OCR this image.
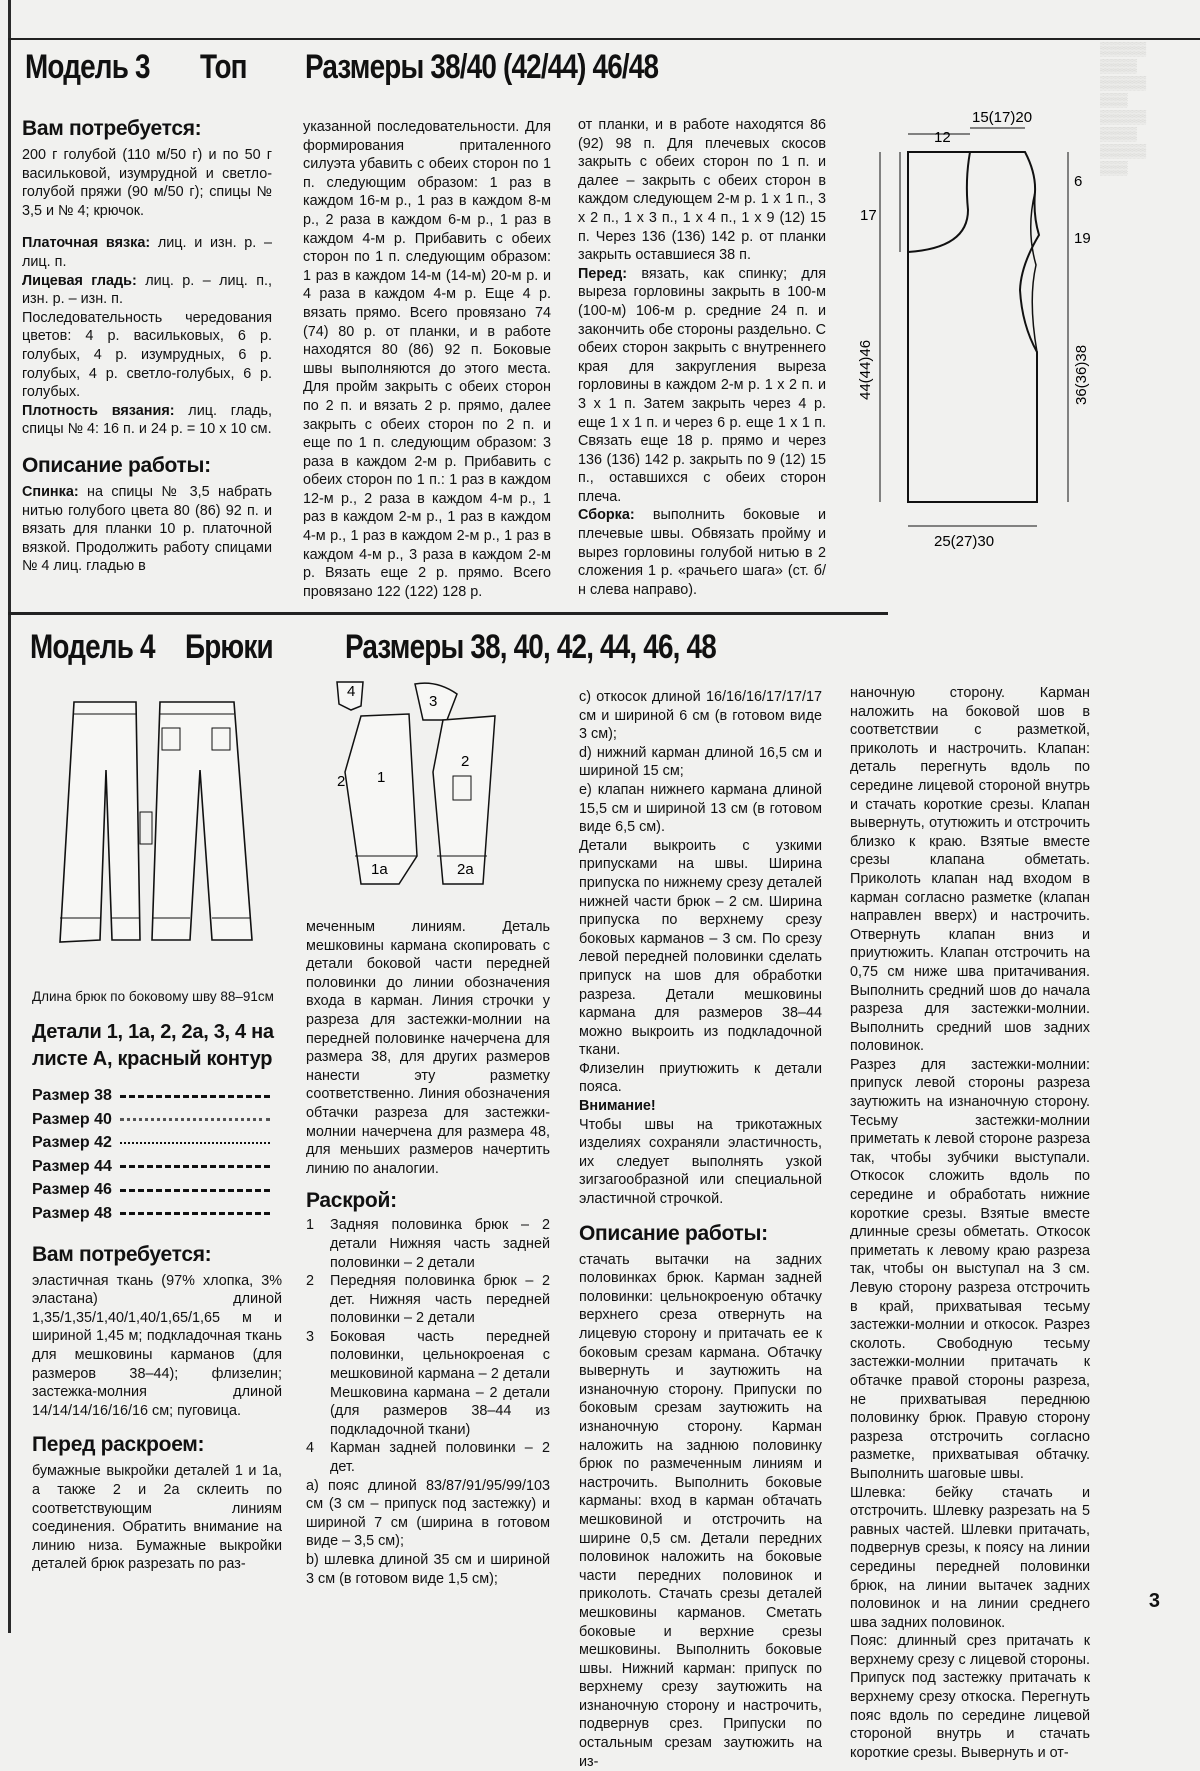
Модель 3 Топ Размеры 38/40 (42/44) 46/48
Вам потребуется:

200 г голубой (110 м/50 г) и по 50 г васильковой, изумрудной и светло-голубой пряжи (90 м/50 г); спицы № 3,5 и № 4; крючок.

Платочная вязка: лиц. и изн. р. – лиц. п.

Лицевая гладь: лиц. р. – лиц. п., изн. р. – изн. п.

Последовательность чередования цветов: 4 р. васильковых, 6 р. голубых, 4 р. изумрудных, 6 р. голубых, 4 р. светло-голубых, 6 р. голубых.

Плотность вязания: лиц. гладь, спицы № 4: 16 п. и 24 р. = 10 x 10 см.

Описание работы:

Спинка: на спицы № 3,5 набрать нитью голубого цвета 80 (86) 92 п. и вязать для планки 10 р. платочной вязкой. Продолжить работу спицами № 4 лиц. гладью в

указанной последовательности. Для формирования приталенного силуэта убавить с обеих сторон по 1 п. следующим образом: 1 раз в каждом 16-м р., 1 раз в каждом 8-м р., 2 раза в каждом 6-м р., 1 раз в каждом 4-м р. Прибавить с обеих сторон по 1 п. следующим образом: 1 раз в каждом 14-м (14-м) 20-м р. и 4 раза в каждом 4-м р. Еще 4 р. вязать прямо. Всего провязано 74 (74) 80 р. от планки, и в работе находятся 80 (86) 92 п. Боковые швы выполняются до этого места. Для пройм закрыть с обеих сторон по 2 п. и вязать 2 р. прямо, далее закрыть с обеих сторон по 2 п. и еще по 1 п. следующим образом: 3 раза в каждом 2-м р. Прибавить с обеих сторон по 1 п.: 1 раз в каждом 12-м р., 2 раза в каждом 4-м р., 1 раз в каждом 2-м р., 1 раз в каждом 4-м р., 1 раз в каждом 2-м р., 1 раз в каждом 4-м р., 3 раза в каждом 2-м р. Вязать еще 2 р. прямо. Всего провязано 122 (122) 128 р.

от планки, и в работе находятся 86 (92) 98 п. Для плечевых скосов закрыть с обеих сторон по 1 п. и далее – закрыть с обеих сторон в каждом следующем 2-м р. 1 x 1 п., 3 x 2 п., 1 x 3 п., 1 x 4 п., 1 x 9 (12) 15 п. Через 136 (136) 142 р. от планки закрыть оставшиеся 38 п.

Перед: вязать, как спинку; для выреза горловины закрыть в 100-м (100-м) 106-м р. средние 24 п. и закончить обе стороны раздельно. С обеих сторон закрыть с внутреннего края для закругления выреза горловины в каждом 2-м р. 1 x 2 п. и 3 x 1 п. Затем закрыть через 4 р. еще 1 x 1 п. и через 6 р. еще 1 x 1 п. Связать еще 18 р. прямо и через 136 (136) 142 р. закрыть по 9 (12) 15 п., оставшихся с обеих сторон плеча.

Сборка: выполнить боковые и плечевые швы. Обвязать пройму и вырез горловины голубой нитью в 2 сложения 1 р. «рачьего шага» (ст. б/н слева направо).

15(17)20
12
6
17
19
44(44)46	36(36)38
25(27)30
▒▒▒▒▒
▒▒▒▒
▒▒▒▒▒
▒▒▒
▒▒▒▒▒
▒▒▒▒
▒▒▒▒▒
▒▒▒
Модель 4 Брюки Размеры 38, 40, 42, 44, 46, 48
4
3
1
1a
2
2a
2

Длина брюк по боковому шву 88–91см

Детали 1, 1а, 2, 2а, 3, 4 на листе А, красный контур
Размер 38
Размер 40
Размер 42
Размер 44
Размер 46
Размер 48
Вам потребуется:

эластичная ткань (97% хлопка, 3% эластана) длиной 1,35/1,35/1,40/1,40/1,65/1,65 м и шириной 1,45 м; подкладочная ткань для мешковины карманов (для размеров 38–44); флизелин; застежка-молния длиной 14/14/14/16/16/16 см; пуговица.

Перед раскроем:

бумажные выкройки деталей 1 и 1а, а также 2 и 2а склеить по соответствующим линиям соединения. Обратить внимание на линию низа. Бумажные выкройки деталей брюк разрезать по раз-

меченным линиям. Деталь мешковины кармана скопировать с детали боковой части передней половинки до линии обозначения входа в карман. Линия строчки у разреза для застежки-молнии на передней половинке начерчена для размера 38, для других размеров нанести эту разметку соответственно. Линия обозначения обтачки разреза для застежки-молнии начерчена для размера 48, для меньших размеров начертить линию по аналогии.

Раскрой:
1	Задняя половинка брюк – 2 детали Нижняя часть задней половинки – 2 детали

2	Передняя половинка брюк – 2 дет. Нижняя часть передней половинки – 2 детали

3	Боковая часть передней половинки, цельнокроеная с мешковиной кармана – 2 детали Мешковина кармана – 2 детали (для размеров 38–44 из подкладочной ткани)

4	Карман задней половинки – 2 дет.

а) пояс длиной 83/87/91/95/99/103 см (3 см – припуск под застежку) и шириной 7 см (ширина в готовом виде – 3,5 см);

b) шлевка длиной 35 см и шириной 3 см (в готовом виде 1,5 см);

с) откосок длиной 16/16/16/17/17/17 см и шириной 6 см (в готовом виде 3 см);

d) нижний карман длиной 16,5 см и шириной 15 см;

е) клапан нижнего кармана длиной 15,5 см и шириной 13 см (в готовом виде 6,5 см).

Детали выкроить с узкими припусками на швы. Ширина припуска по нижнему срезу деталей нижней части брюк – 2 см. Ширина припуска по верхнему срезу боковых карманов – 3 см. По срезу левой передней половинки сделать припуск на шов для обработки разреза. Детали мешковины кармана для размеров 38–44 можно выкроить из подкладочной ткани.

Флизелин приутюжить к детали пояса.

Внимание!

Чтобы швы на трикотажных изделиях сохраняли эластичность, их следует выполнять узкой зигзагообразной или специальной эластичной строчкой.

Описание работы:

стачать вытачки на задних половинках брюк. Карман задней половинки: цельнокроеную обтачку верхнего среза отвернуть на лицевую сторону и притачать ее к боковым срезам кармана. Обтачку вывернуть и заутюжить на изнаночную сторону. Припуски по боковым срезам заутюжить на изнаночную сторону. Карман наложить на заднюю половинку брюк по размеченным линиям и настрочить. Выполнить боковые карманы: вход в карман обтачать мешковиной и отстрочить на ширине 0,5 см. Детали передних половинок наложить на боковые части передних половинок и приколоть. Стачать срезы деталей мешковины карманов. Сметать боковые и верхние срезы мешковины. Выполнить боковые швы. Нижний карман: припуск по верхнему срезу заутюжить на изнаночную сторону и настрочить, подвернув срез. Припуски по остальным срезам заутюжить на из-

наночную сторону. Карман наложить на боковой шов в соответствии с разметкой, приколоть и настрочить. Клапан: деталь перегнуть вдоль по середине лицевой стороной внутрь и стачать короткие срезы. Клапан вывернуть, отутюжить и отстрочить близко к краю. Взятые вместе срезы клапана обметать. Приколоть клапан над входом в карман согласно разметке (клапан направлен вверх) и настрочить. Отвернуть клапан вниз и приутюжить. Клапан отстрочить на 0,75 см ниже шва притачивания. Выполнить средний шов до начала разреза для застежки-молнии. Выполнить средний шов задних половинок.

Разрез для застежки-молнии: припуск левой стороны разреза заутюжить на изнаночную сторону. Тесьму застежки-молнии приметать к левой стороне разреза так, чтобы зубчики выступали. Откосок сложить вдоль по середине и обработать нижние короткие срезы. Взятые вместе длинные срезы обметать. Откосок приметать к левому краю разреза так, чтобы он выступал на 3 см. Левую сторону разреза отстрочить в край, прихватывая тесьму застежки-молнии и откосок. Разрез сколоть. Свободную тесьму застежки-молнии притачать к обтачке правой стороны разреза, не прихватывая переднюю половинку брюк. Правую сторону разреза отстрочить согласно разметке, прихватывая обтачку. Выполнить шаговые швы.

Шлевка: бейку стачать и отстрочить. Шлевку разрезать на 5 равных частей. Шлевки притачать, подвернув срезы, к поясу на линии середины передней половинки брюк, на линии вытачек задних половинок и на линии среднего шва задних половинок.

Пояс: длинный срез притачать к верхнему срезу с лицевой стороны. Припуск под застежку притачать к верхнему срезу откоска. Перегнуть пояс вдоль по середине лицевой стороной внутрь и стачать короткие срезы. Вывернуть и от-

3
